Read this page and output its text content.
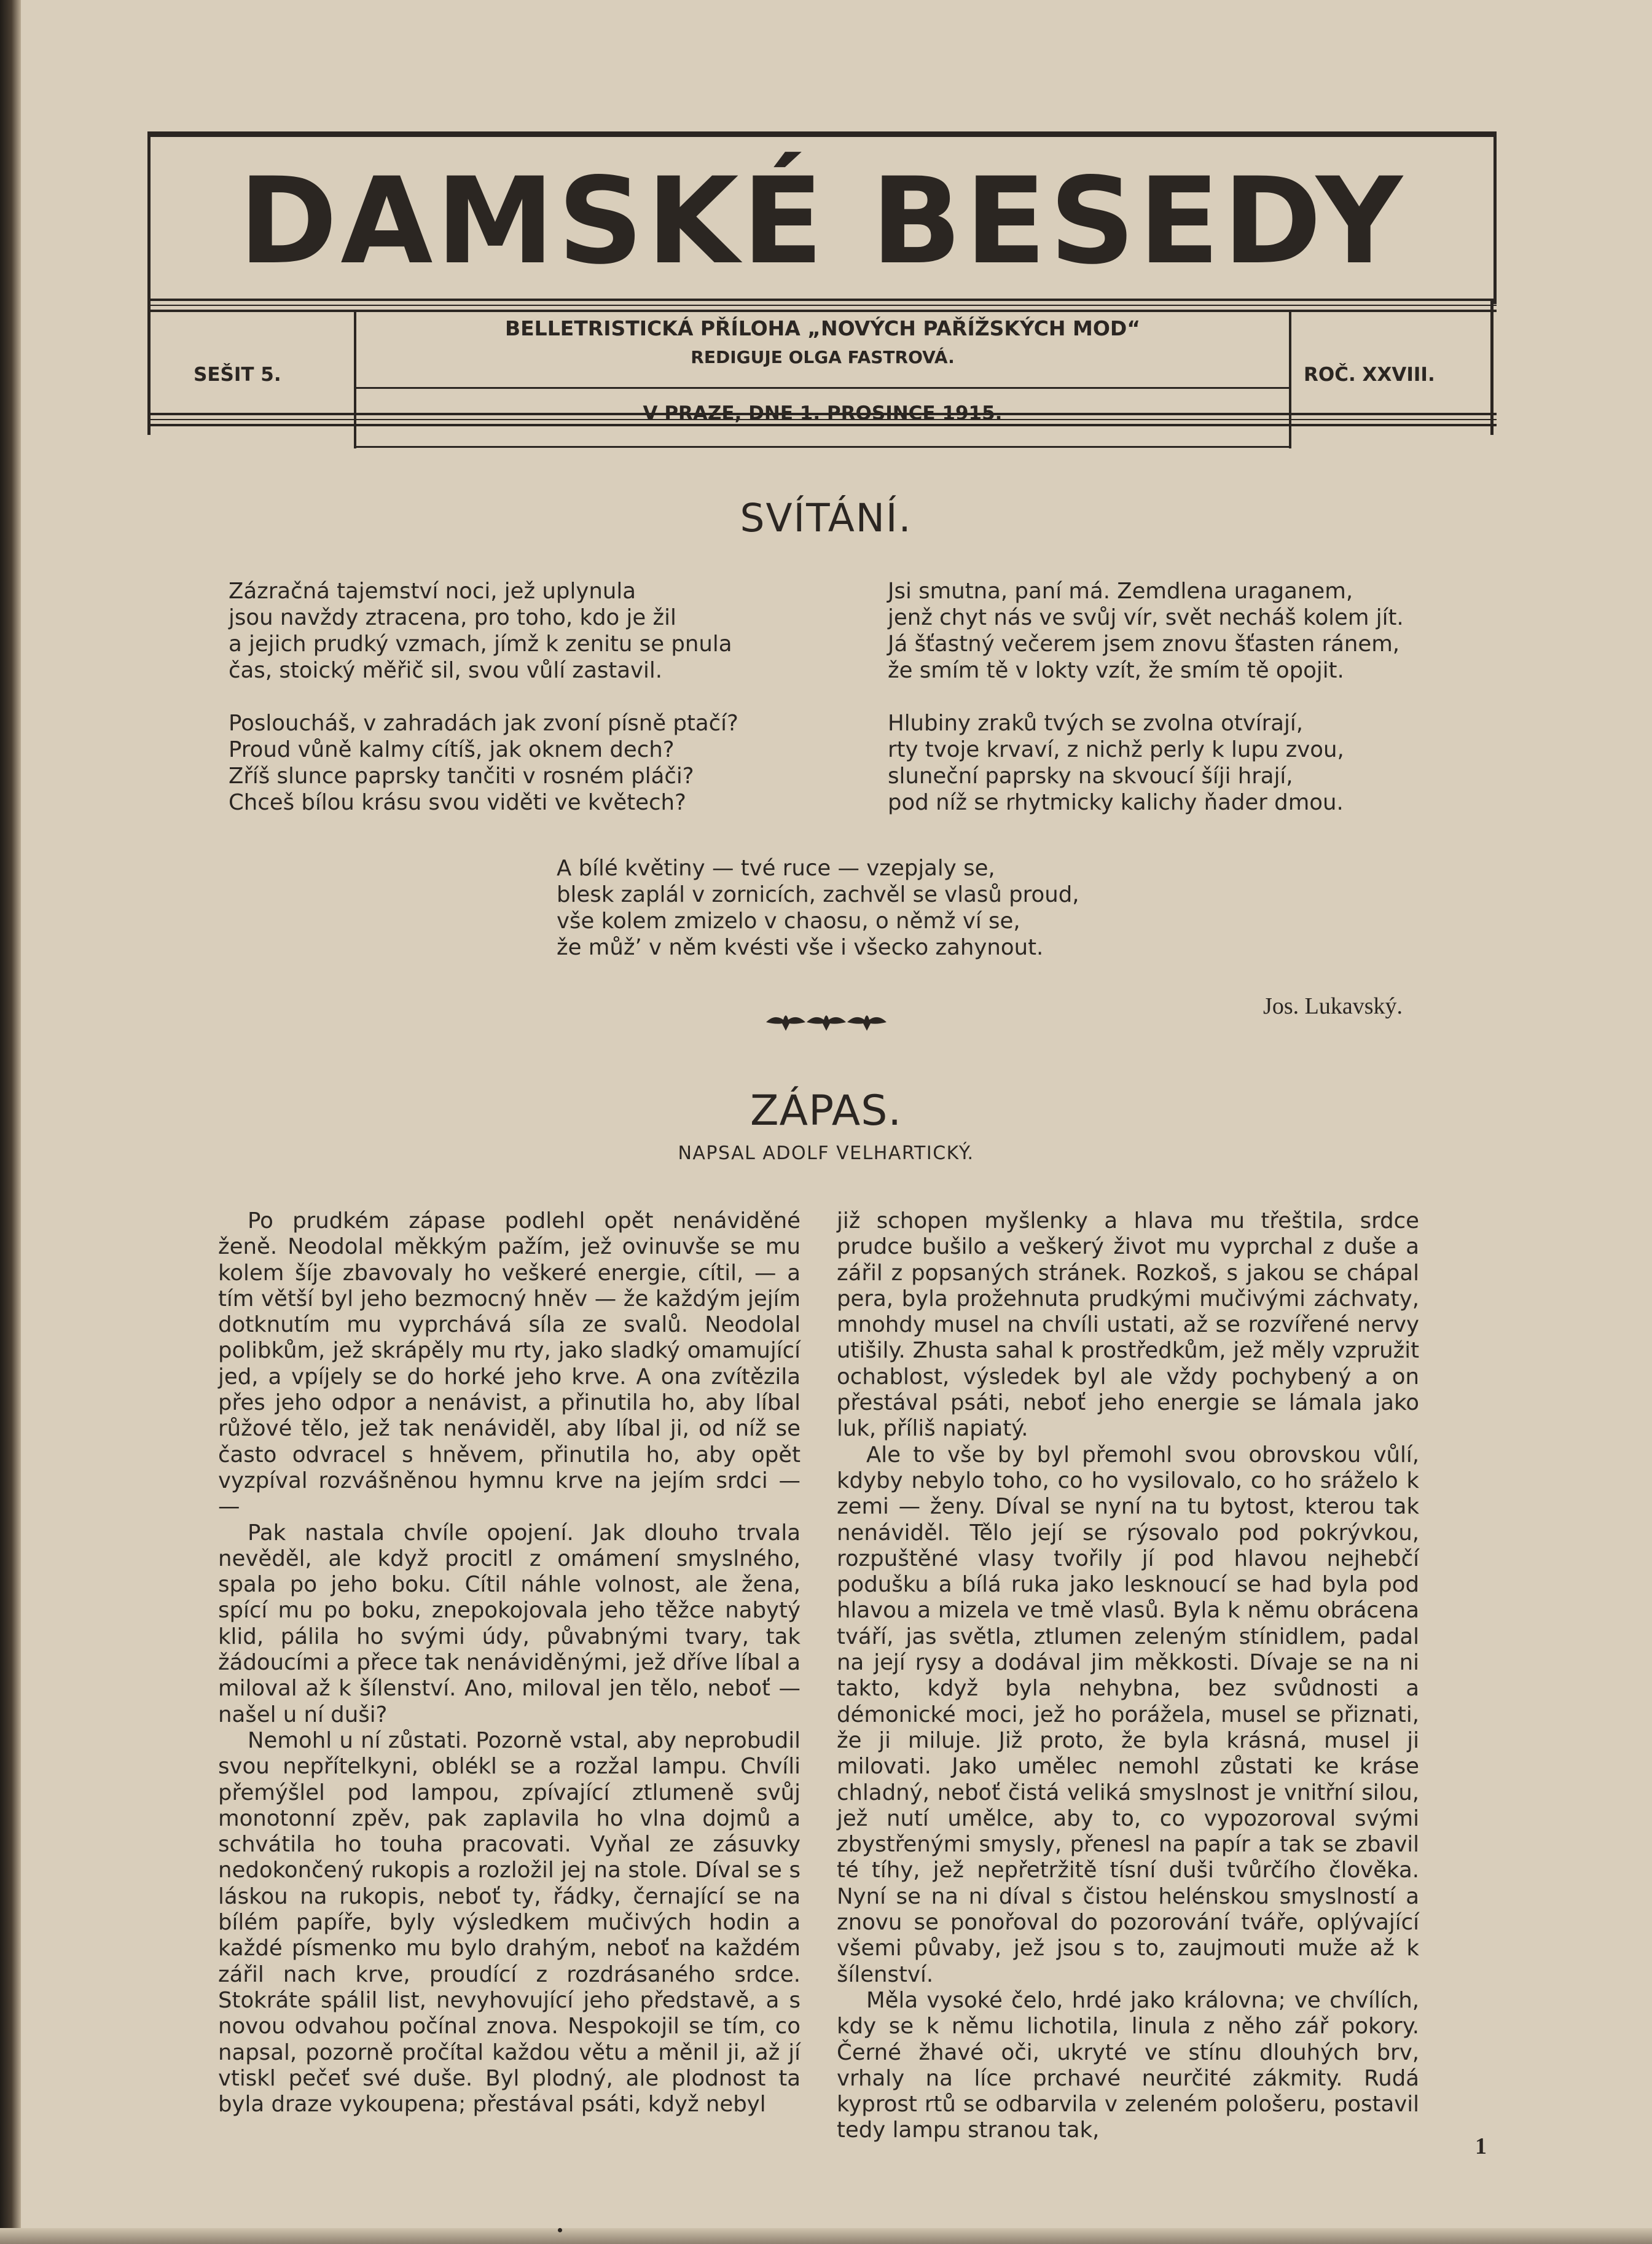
DAMSKÉ BESEDY
SEŠIT 5.
BELLETRISTICKÁ PŘÍLOHA „NOVÝCH PAŘÍŽSKÝCH MOD“
REDIGUJE OLGA FASTROVÁ.
ROČ. XXVIII.
V PRAZE, DNE 1. PROSINCE 1915.
SVÍTÁNÍ.
Zázračná tajemství noci, jež uplynula
jsou navždy ztracena, pro toho, kdo je žil
a jejich prudký vzmach, jímž k zenitu se pnula
čas, stoický měřič sil, svou vůlí zastavil.
Posloucháš, v zahradách jak zvoní písně ptačí?
Proud vůně kalmy cítíš, jak oknem dech?
Zříš slunce paprsky tančiti v rosném pláči?
Chceš bílou krásu svou viděti ve květech?
Jsi smutna, paní má. Zemdlena uraganem,
jenž chyt nás ve svůj vír, svět necháš kolem jít.
Já šťastný večerem jsem znovu šťasten ránem,
že smím tě v lokty vzít, že smím tě opojit.
Hlubiny zraků tvých se zvolna otvírají,
rty tvoje krvaví, z nichž perly k lupu zvou,
sluneční paprsky na skvoucí šíji hrají,
pod níž se rhytmicky kalichy ňader dmou.
A bílé květiny — tvé ruce — vzepjaly se,
blesk zaplál v zornicích, zachvěl se vlasů proud,
vše kolem zmizelo v chaosu, o němž ví se,
že můž’ v něm kvésti vše i všecko zahynout.
Jos. Lukavský.
ZÁPAS.
NAPSAL ADOLF VELHARTICKÝ.

Po prudkém zápase podlehl opět nenáviděné ženě. Neodolal měkkým pažím, jež ovinuvše se mu kolem šíje zbavovaly ho veškeré energie, cítil, — a tím větší byl jeho bezmocný hněv — že každým jejím dotknutím mu vyprchává síla ze svalů. Neodolal polibkům, jež skrápěly mu rty, jako sladký omamující jed, a vpíjely se do horké jeho krve. A ona zvítězila přes jeho odpor a nenávist, a přinutila ho, aby líbal růžové tělo, jež tak nenáviděl, aby líbal ji, od níž se často odvracel s hněvem, přinutila ho, aby opět vyzpíval rozvášněnou hymnu krve na jejím srdci — —

Pak nastala chvíle opojení. Jak dlouho trvala nevěděl, ale když procitl z omámení smyslného, spala po jeho boku. Cítil náhle volnost, ale žena, spící mu po boku, znepokojovala jeho těžce nabytý klid, pálila ho svými údy, půvabnými tvary, tak žádoucími a přece tak nenáviděnými, jež dříve líbal a miloval až k šílenství. Ano, miloval jen tělo, neboť — našel u ní duši?

Nemohl u ní zůstati. Pozorně vstal, aby neprobudil svou nepřítelkyni, oblékl se a rozžal lampu. Chvíli přemýšlel pod lampou, zpívající ztlumeně svůj monotonní zpěv, pak zaplavila ho vlna dojmů a schvátila ho touha pracovati. Vyňal ze zásuvky nedokončený rukopis a rozložil jej na stole. Díval se s láskou na rukopis, neboť ty, řádky, černající se na bílém papíře, byly výsledkem mučivých hodin a každé písmenko mu bylo drahým, neboť na každém zářil nach krve, proudící z rozdrásaného srdce. Stokráte spálil list, nevyhovující jeho představě, a s novou odvahou počínal znova. Nespokojil se tím, co napsal, pozorně pročítal každou větu a měnil ji, až jí vtiskl pečeť své duše. Byl plodný, ale plodnost ta byla draze vykoupena; přestával psáti, když nebyl

již schopen myšlenky a hlava mu třeštila, srdce prudce bušilo a veškerý život mu vyprchal z duše a zářil z popsaných stránek. Rozkoš, s jakou se chápal pera, byla prožehnuta prudkými mučivými záchvaty, mnohdy musel na chvíli ustati, až se rozvířené nervy utišily. Zhusta sahal k prostředkům, jež měly vzpružit ochablost, výsledek byl ale vždy pochybený a on přestával psáti, neboť jeho energie se lámala jako luk, příliš napiatý.

Ale to vše by byl přemohl svou obrovskou vůlí, kdyby nebylo toho, co ho vysilovalo, co ho sráželo k zemi — ženy. Díval se nyní na tu bytost, kterou tak nenáviděl. Tělo její se rýsovalo pod pokrývkou, rozpuštěné vlasy tvořily jí pod hlavou nejhebčí podušku a bílá ruka jako lesknoucí se had byla pod hlavou a mizela ve tmě vlasů. Byla k němu obrácena tváří, jas světla, ztlumen zeleným stínidlem, padal na její rysy a dodával jim měkkosti. Dívaje se na ni takto, když byla nehybna, bez svůdnosti a démonické moci, jež ho porážela, musel se přiznati, že ji miluje. Již proto, že byla krásná, musel ji milovati. Jako umělec nemohl zůstati ke kráse chladný, neboť čistá veliká smyslnost je vnitřní silou, jež nutí umělce, aby to, co vypozoroval svými zbystřenými smysly, přenesl na papír a tak se zbavil té tíhy, jež nepřetržitě tísní duši tvůrčího člověka. Nyní se na ni díval s čistou helénskou smyslností a znovu se ponořoval do pozorování tváře, oplývající všemi půvaby, jež jsou s to, zaujmouti muže až k šílenství.

Měla vysoké čelo, hrdé jako královna; ve chvílích, kdy se k němu lichotila, linula z něho zář pokory. Černé žhavé oči, ukryté ve stínu dlouhých brv, vrhaly na líce prchavé neurčité zákmity. Rudá kyprost rtů se odbarvila v zeleném pološeru, postavil tedy lampu stranou tak,

1
